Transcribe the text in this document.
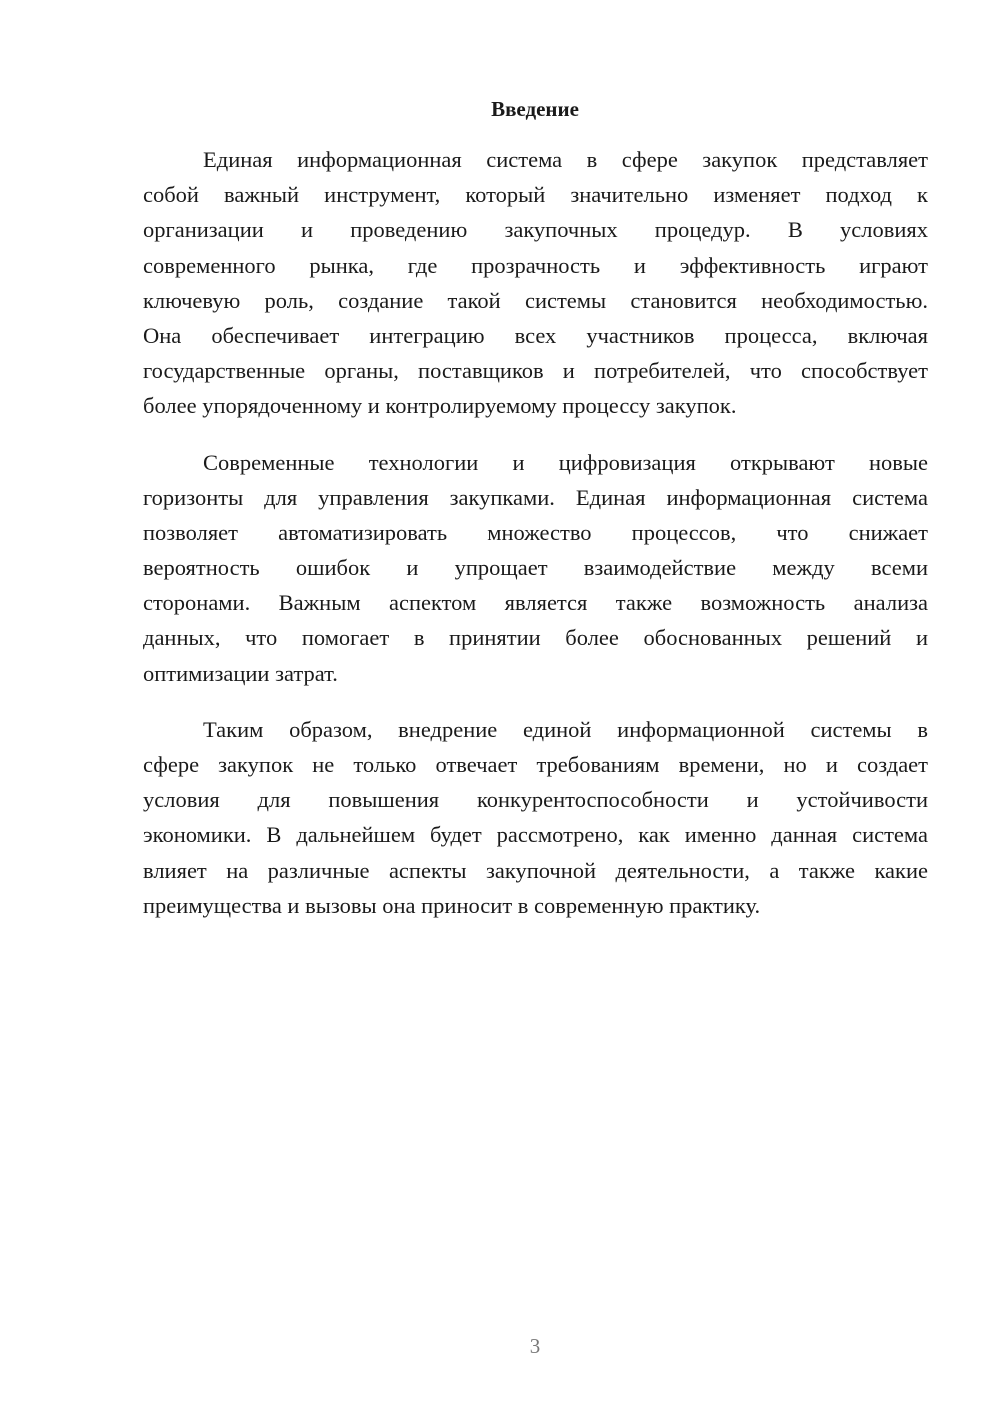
Введение
Единая информационная система в сфере закупок представляет
собой важный инструмент, который значительно изменяет подход к
организации и проведению закупочных процедур. В условиях
современного рынка, где прозрачность и эффективность играют
ключевую роль, создание такой системы становится необходимостью.
Она обеспечивает интеграцию всех участников процесса, включая
государственные органы, поставщиков и потребителей, что способствует
более упорядоченному и контролируемому процессу закупок.
Современные технологии и цифровизация открывают новые
горизонты для управления закупками. Единая информационная система
позволяет автоматизировать множество процессов, что снижает
вероятность ошибок и упрощает взаимодействие между всеми
сторонами. Важным аспектом является также возможность анализа
данных, что помогает в принятии более обоснованных решений и
оптимизации затрат.
Таким образом, внедрение единой информационной системы в
сфере закупок не только отвечает требованиям времени, но и создает
условия для повышения конкурентоспособности и устойчивости
экономики. В дальнейшем будет рассмотрено, как именно данная система
влияет на различные аспекты закупочной деятельности, а также какие
преимущества и вызовы она приносит в современную практику.
3
